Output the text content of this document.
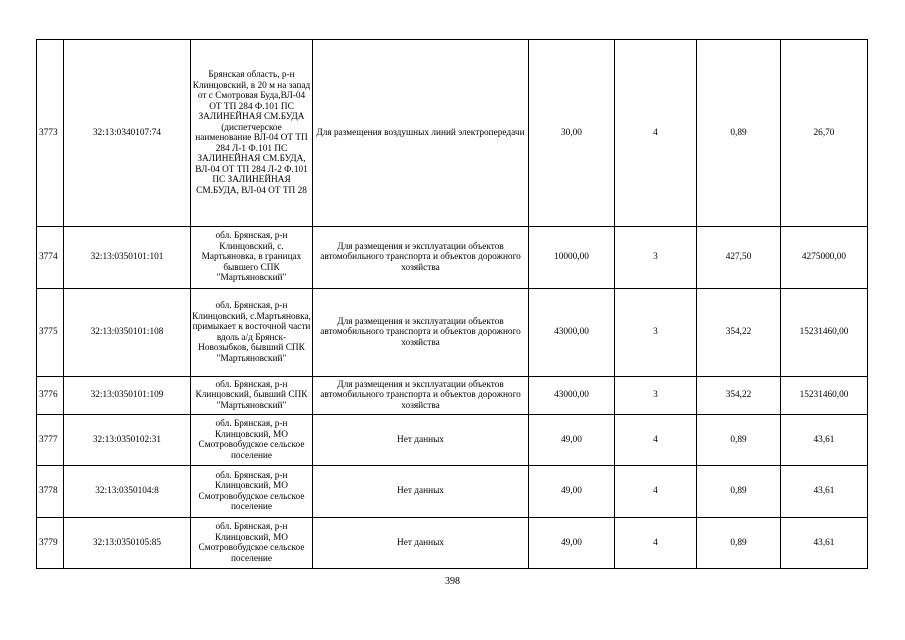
3773	32:13:0340107:74	Брянская область, р-н Клинцовский, в 20 м на запад от с Смотровая Буда,ВЛ-04 ОТ ТП 284 Ф.101 ПС ЗАЛИНЕЙНАЯ СМ.БУДА (диспетчерское наименование ВЛ-04 ОТ ТП 284 Л-1 Ф.101 ПС ЗАЛИНЕЙНАЯ СМ.БУДА, ВЛ-04 ОТ ТП 284 Л-2 Ф.101 ПС ЗАЛИНЕЙНАЯ СМ.БУДА, ВЛ-04 ОТ ТП 28	Для размещения воздушных линий электропередачи	30,00	4	0,89	26,70
3774	32:13:0350101:101	обл. Брянская, р-н Клинцовский, с. Мартьяновка, в границах бывшего СПК "Мартьяновский"	Для размещения и эксплуатации объектов автомобильного транспорта и объектов дорожного хозяйства	10000,00	3	427,50	4275000,00
3775	32:13:0350101:108	обл. Брянская, р-н Клинцовский, с.Мартьяновка, примыкает к восточной части вдоль а/д Брянск-Новозыбков, бывший СПК "Мартьяновский"	Для размещения и эксплуатации объектов автомобильного транспорта и объектов дорожного хозяйства	43000,00	3	354,22	15231460,00
3776	32:13:0350101:109	обл. Брянская, р-н Клинцовский, бывший СПК "Мартьяновский"	Для размещения и эксплуатации объектов автомобильного транспорта и объектов дорожного хозяйства	43000,00	3	354,22	15231460,00
3777	32:13:0350102:31	обл. Брянская, р-н Клинцовский, МО Смотровобудское сельское поселение	Нет данных	49,00	4	0,89	43,61
3778	32:13:0350104:8	обл. Брянская, р-н Клинцовский, МО Смотровобудское сельское поселение	Нет данных	49,00	4	0,89	43,61
3779	32:13:0350105:85	обл. Брянская, р-н Клинцовский, МО Смотровобудское сельское поселение	Нет данных	49,00	4	0,89	43,61
398
